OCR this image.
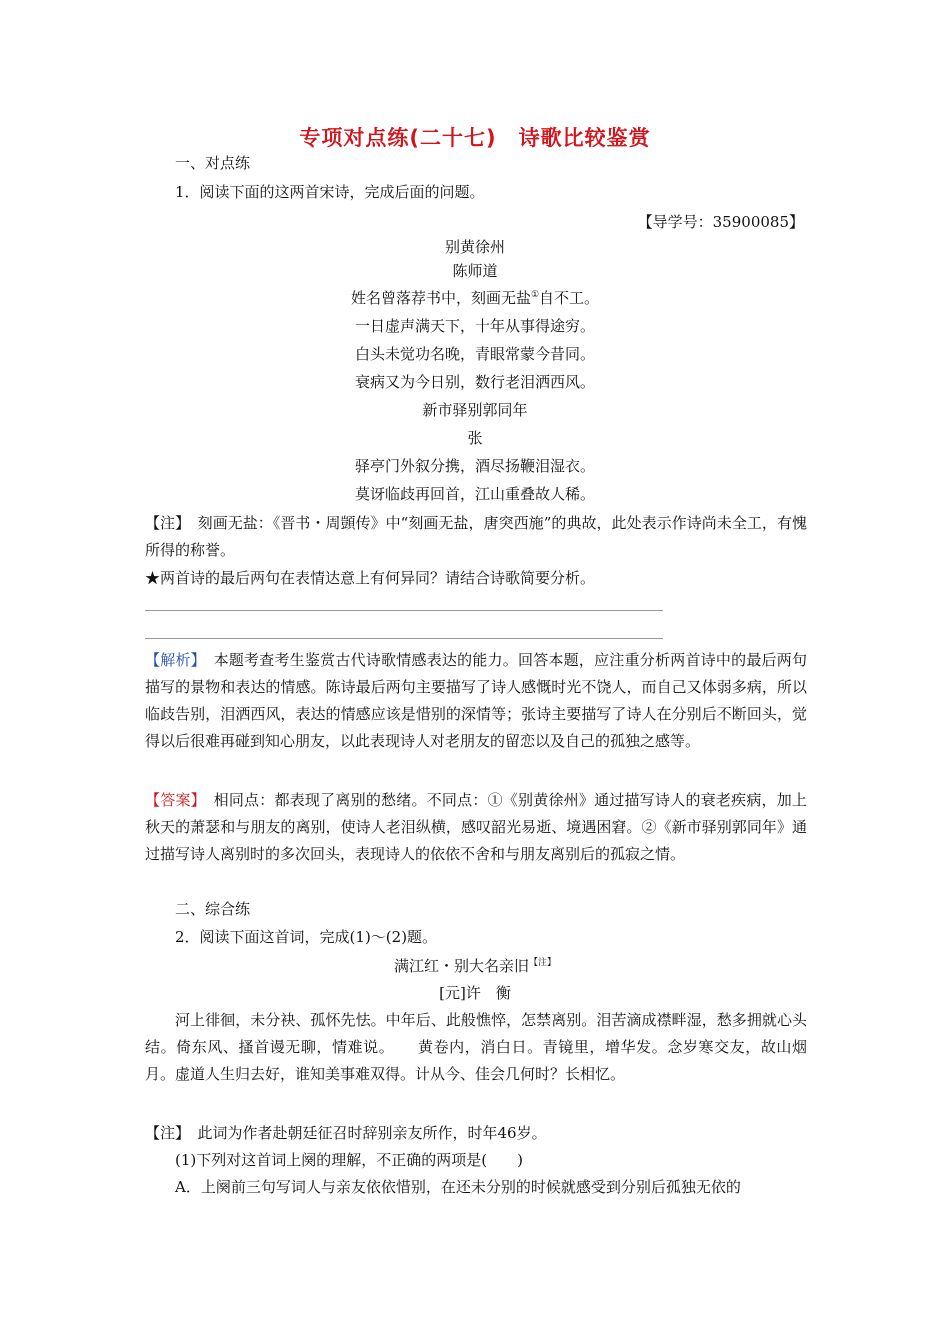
专项对点练(二十七)　诗歌比较鉴赏
一、对点练
1．阅读下面的这两首宋诗，完成后面的问题。
【导学号：35900085】
别黄徐州
陈师道
姓名曾落荐书中，刻画无盐①自不工。
一日虚声满天下，十年从事得途穷。
白头未觉功名晚，青眼常蒙今昔同。
衰病又为今日别，数行老泪洒西风。
新市驿别郭同年
张
驿亭门外叙分携，酒尽扬鞭泪湿衣。
莫讶临歧再回首，江山重叠故人稀。
【注】　刻画无盐：《晋书・周顗传》中“刻画无盐，唐突西施”的典故，此处表示作诗尚未全工，有愧所得的称誉。
★两首诗的最后两句在表情达意上有何异同？请结合诗歌简要分析。
【解析】　本题考查考生鉴赏古代诗歌情感表达的能力。回答本题，应注重分析两首诗中的最后两句描写的景物和表达的情感。陈诗最后两句主要描写了诗人感慨时光不饶人，而自己又体弱多病，所以临歧告别，泪洒西风，表达的情感应该是惜别的深情等；张诗主要描写了诗人在分别后不断回头，觉得以后很难再碰到知心朋友，以此表现诗人对老朋友的留恋以及自己的孤独之感等。
【答案】　相同点：都表现了离别的愁绪。不同点：①《别黄徐州》通过描写诗人的衰老疾病，加上秋天的萧瑟和与朋友的离别，使诗人老泪纵横，感叹韶光易逝、境遇困窘。②《新市驿别郭同年》通过描写诗人离别时的多次回头，表现诗人的依依不舍和与朋友离别后的孤寂之情。
二、综合练
2．阅读下面这首词，完成(1)～(2)题。
满江红・别大名亲旧$^{【注】}$
[元]许　衡
河上徘徊，未分袂、孤怀先怯。中年后、此般憔悴，怎禁离别。泪苦滴成襟畔湿，愁多拥就心头结。倚东风、搔首谩无聊，情难说。　　黄卷内，消白日。青镜里，增华发。念岁寒交友，故山烟月。虚道人生归去好，谁知美事难双得。计从今、佳会几何时？长相忆。
【注】　此词为作者赴朝廷征召时辞别亲友所作，时年46岁。
(1)下列对这首词上阕的理解，不正确的两项是(　　)
A．上阕前三句写词人与亲友依依惜别，在还未分别的时候就感受到分别后孤独无依的
